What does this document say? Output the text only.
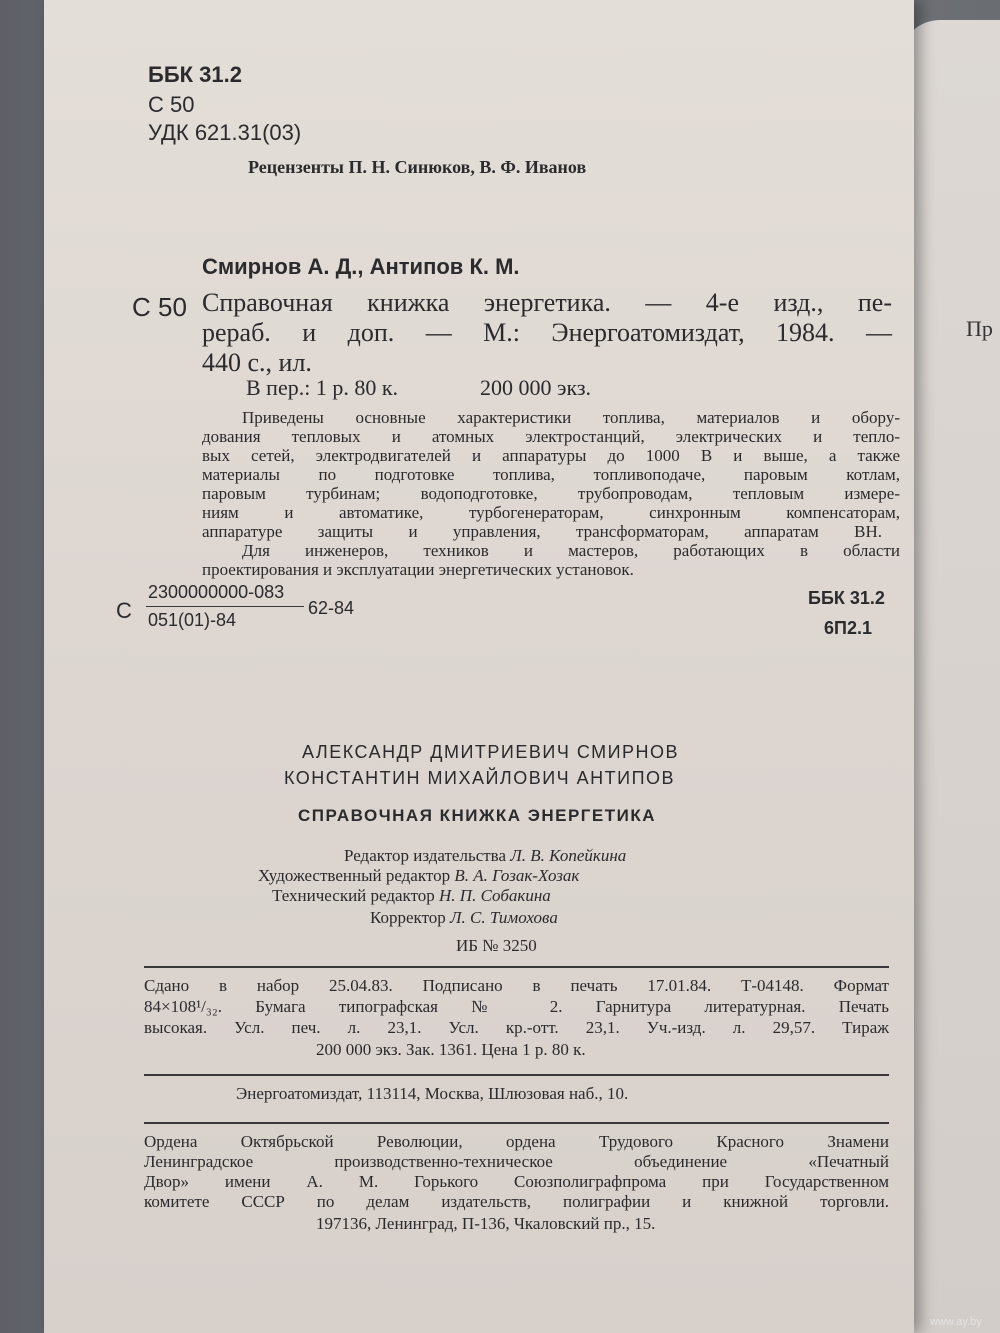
Пр
ББК 31.2
С 50
УДК 621.31(03)
Рецензенты П. Н. Синюков, В. Ф. Иванов
Смирнов А. Д., Антипов К. М.
С 50 Справочная книжка энергетика. — 4-е изд., пе-
рераб. и доп. — М.: Энергоатомиздат, 1984. —
440 с., ил.
В пер.: 1 р. 80 к.	200 000 экз.
Приведены основные характеристики топлива, материалов и обору-
дования тепловых и атомных электростанций, электрических и тепло-
вых сетей, электродвигателей и аппаратуры до 1000 В и выше, а также
материалы по подготовке топлива, топливоподаче, паровым котлам,
паровым турбинам; водоподготовке, трубопроводам, тепловым измере-
ниям и автоматике, турбогенераторам, синхронным компенсаторам,
аппаратуре защиты и управления, трансформаторам, аппаратам ВН.
Для инженеров, техников и мастеров, работающих в области
проектирования и эксплуатации энергетических установок.
С
2300000000-083
051(01)-84
62-84	ББК 31.2
6П2.1
АЛЕКСАНДР ДМИТРИЕВИЧ СМИРНОВ
КОНСТАНТИН МИХАЙЛОВИЧ АНТИПОВ
СПРАВОЧНАЯ КНИЖКА ЭНЕРГЕТИКА
Редактор издательства Л. В. Копейкина
Художественный редактор В. А. Гозак-Хозак
Технический редактор Н. П. Собакина
Корректор Л. С. Тимохова
ИБ № 3250
Сдано в набор 25.04.83. Подписано в печать 17.01.84. Т-04148. Формат
84×108¹/₃₂. Бумага типографская № 2. Гарнитура литературная. Печать
высокая. Усл. печ. л. 23,1. Усл. кр.-отт. 23,1. Уч.-изд. л. 29,57. Тираж
200 000 экз. Зак. 1361. Цена 1 р. 80 к.
Энергоатомиздат, 113114, Москва, Шлюзовая наб., 10.
Ордена Октябрьской Революции, ордена Трудового Красного Знамени
Ленинградское производственно-техническое объединение «Печатный
Двор» имени А. М. Горького Союзполиграфпрома при Государственном
комитете СССР по делам издательств, полиграфии и книжной торговли.
197136, Ленинград, П-136, Чкаловский пр., 15.
www.ay.by
